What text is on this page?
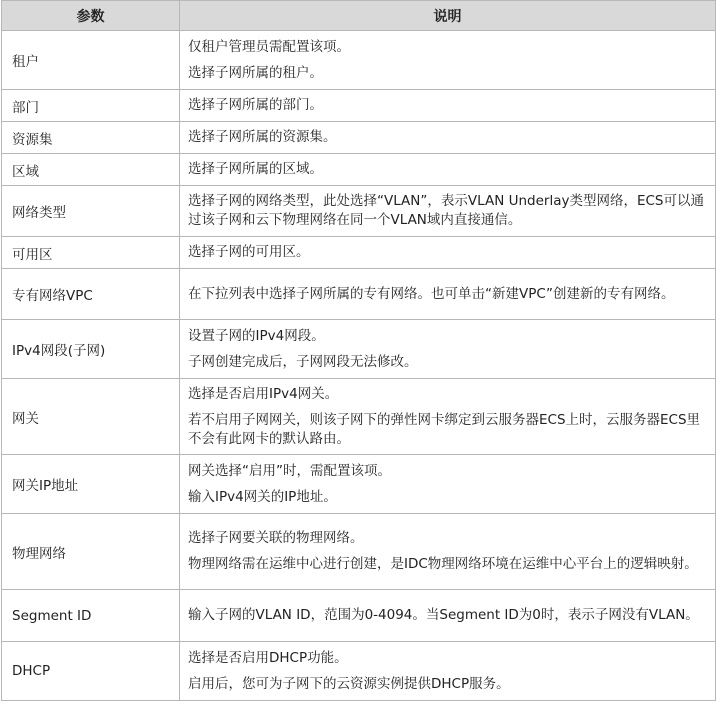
参数	说明
租户	仅租户管理员需配置该项。
选择子网所属的租户。

部门	选择子网所属的部门。

资源集	选择子网所属的资源集。

区域	选择子网所属的区域。

网络类型	选择子网的网络类型，此处选择“VLAN”，表示VLAN Underlay类型网络，ECS可以通过该子网和云下物理网络在同一个VLAN域内直接通信。

可用区	选择子网的可用区。

专有网络VPC	在下拉列表中选择子网所属的专有网络。也可单击“新建VPC”创建新的专有网络。

IPv4网段(子网)	设置子网的IPv4网段。
子网创建完成后，子网网段无法修改。

网关	选择是否启用IPv4网关。
若不启用子网网关，则该子网下的弹性网卡绑定到云服务器ECS上时，云服务器ECS里不会有此网卡的默认路由。

网关IP地址	网关选择“启用”时，需配置该项。
输入IPv4网关的IP地址。

物理网络	选择子网要关联的物理网络。
物理网络需在运维中心进行创建，是IDC物理网络环境在运维中心平台上的逻辑映射。

Segment ID	输入子网的VLAN ID，范围为0-4094。当Segment ID为0时，表示子网没有VLAN。

DHCP	选择是否启用DHCP功能。
启用后，您可为子网下的云资源实例提供DHCP服务。
